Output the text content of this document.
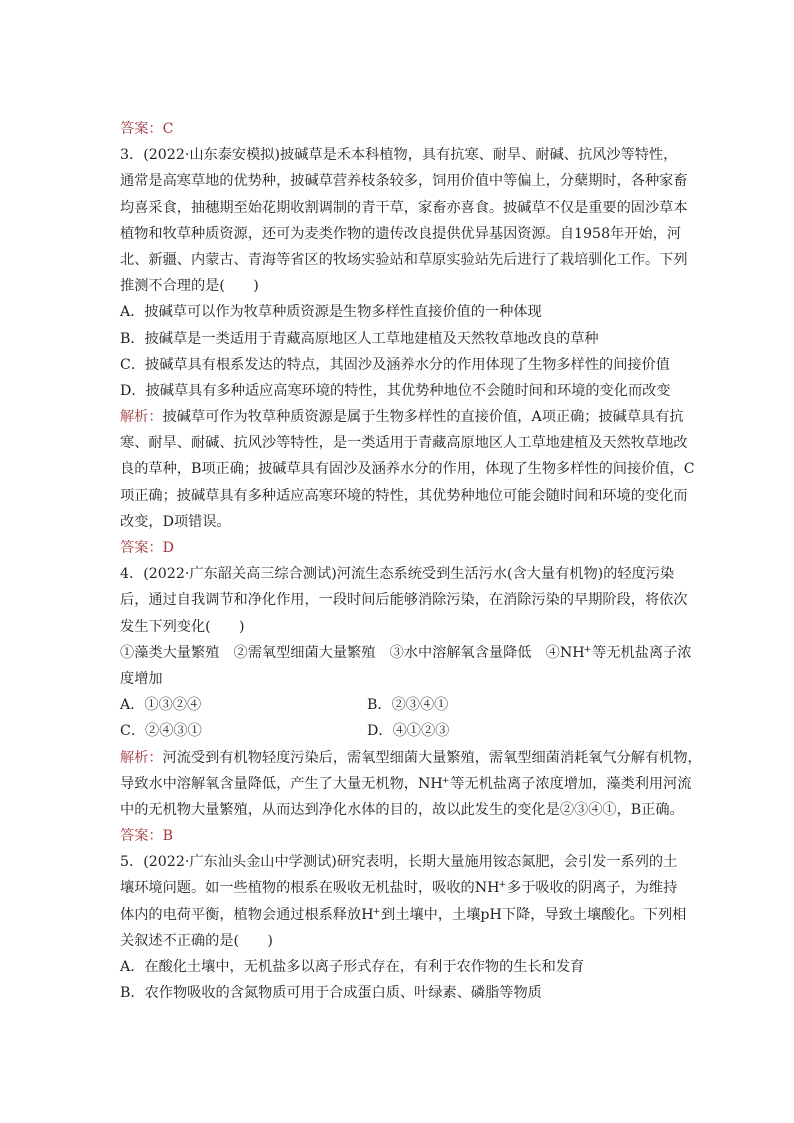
答案：C
3．(2022·山东泰安模拟)披碱草是禾本科植物，具有抗寒、耐旱、耐碱、抗风沙等特性，
通常是高寒草地的优势种，披碱草营养枝条较多，饲用价值中等偏上，分蘖期时，各种家畜
均喜采食，抽穗期至始花期收割调制的青干草，家畜亦喜食。披碱草不仅是重要的固沙草本
植物和牧草种质资源，还可为麦类作物的遗传改良提供优异基因资源。自1958年开始，河
北、新疆、内蒙古、青海等省区的牧场实验站和草原实验站先后进行了栽培驯化工作。下列
推测不合理的是(　　)
A．披碱草可以作为牧草种质资源是生物多样性直接价值的一种体现
B．披碱草是一类适用于青藏高原地区人工草地建植及天然牧草地改良的草种
C．披碱草具有根系发达的特点，其固沙及涵养水分的作用体现了生物多样性的间接价值
D．披碱草具有多种适应高寒环境的特性，其优势种地位不会随时间和环境的变化而改变
解析：披碱草可作为牧草种质资源是属于生物多样性的直接价值，A项正确；披碱草具有抗
寒、耐旱、耐碱、抗风沙等特性，是一类适用于青藏高原地区人工草地建植及天然牧草地改
良的草种，B项正确；披碱草具有固沙及涵养水分的作用，体现了生物多样性的间接价值，C
项正确；披碱草具有多种适应高寒环境的特性，其优势种地位可能会随时间和环境的变化而
改变，D项错误。
答案：D
4．(2022·广东韶关高三综合测试)河流生态系统受到生活污水(含大量有机物)的轻度污染
后，通过自我调节和净化作用，一段时间后能够消除污染，在消除污染的早期阶段，将依次
发生下列变化(　　)
①藻类大量繁殖　②需氧型细菌大量繁殖　③水中溶解氧含量降低　④NH+等无机盐离子浓
度增加
A．①③②④	B．②③④①
C．②④③①	D．④①②③
解析：河流受到有机物轻度污染后，需氧型细菌大量繁殖，需氧型细菌消耗氧气分解有机物，
导致水中溶解氧含量降低，产生了大量无机物，NH+等无机盐离子浓度增加，藻类利用河流
中的无机物大量繁殖，从而达到净化水体的目的，故以此发生的变化是②③④①，B正确。
答案：B
5．(2022·广东汕头金山中学测试)研究表明，长期大量施用铵态氮肥，会引发一系列的土
壤环境问题。如一些植物的根系在吸收无机盐时，吸收的NH+多于吸收的阴离子，为维持
体内的电荷平衡，植物会通过根系释放H+到土壤中，土壤pH下降，导致土壤酸化。下列相
关叙述不正确的是(　　)
A．在酸化土壤中，无机盐多以离子形式存在，有利于农作物的生长和发育
B．农作物吸收的含氮物质可用于合成蛋白质、叶绿素、磷脂等物质
